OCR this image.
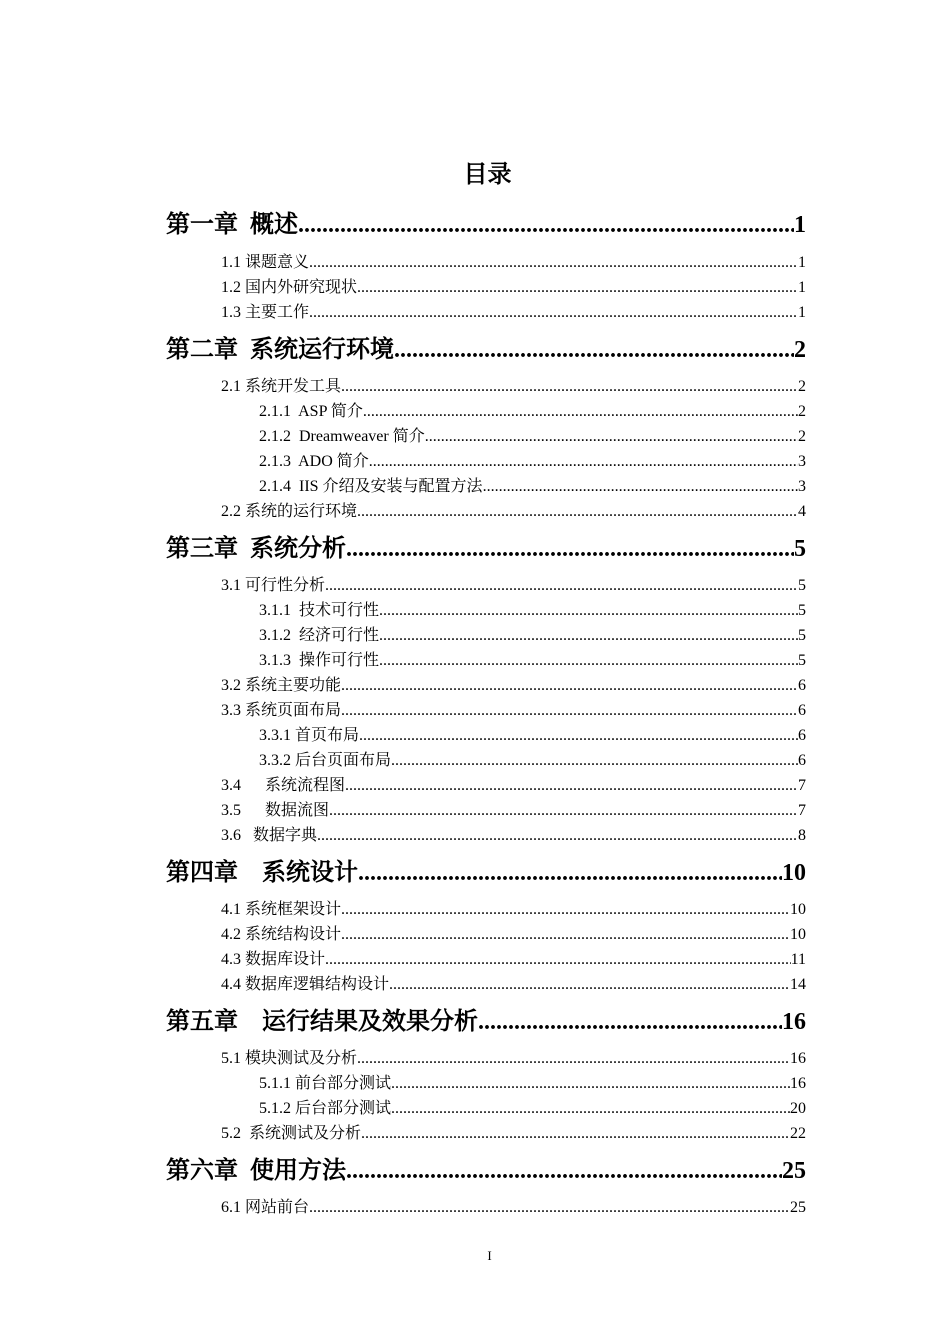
目录
第一章 概述 .....	1
1.1 课题意义 .....	1
1.2 国内外研究现状 .....	1
1.3 主要工作 .....	1
第二章 系统运行环境 .....	2
2.1 系统开发工具 .....	2
2.1.1 ASP 简介 .....	2
2.1.2 Dreamweaver 简介 .....	2
2.1.3 ADO 简介 .....	3
2.1.4 IIS 介绍及安装与配置方法 .....	3
2.2 系统的运行环境 .....	4
第三章 系统分析 .....	5
3.1 可行性分析 .....	5
3.1.1 技术可行性 .....	5
3.1.2 经济可行性 .....	5
3.1.3 操作可行性 .....	5
3.2 系统主要功能 .....	6
3.3 系统页面布局 .....	6
3.3.1 首页布局 .....	6
3.3.2 后台页面布局 .....	6
3.4 系统流程图 .....	7
3.5 数据流图 .....	7
3.6 数据字典 .....	8
第四章 系统设计 .....	10
4.1 系统框架设计 .....	10
4.2 系统结构设计 .....	10
4.3 数据库设计 .....	11
4.4 数据库逻辑结构设计 .....	14
第五章 运行结果及效果分析 .....	16
5.1 模块测试及分析 .....	16
5.1.1 前台部分测试 .....	16
5.1.2 后台部分测试 .....	20
5.2 系统测试及分析 .....	22
第六章 使用方法 .....	25
6.1 网站前台 .....	25
I
